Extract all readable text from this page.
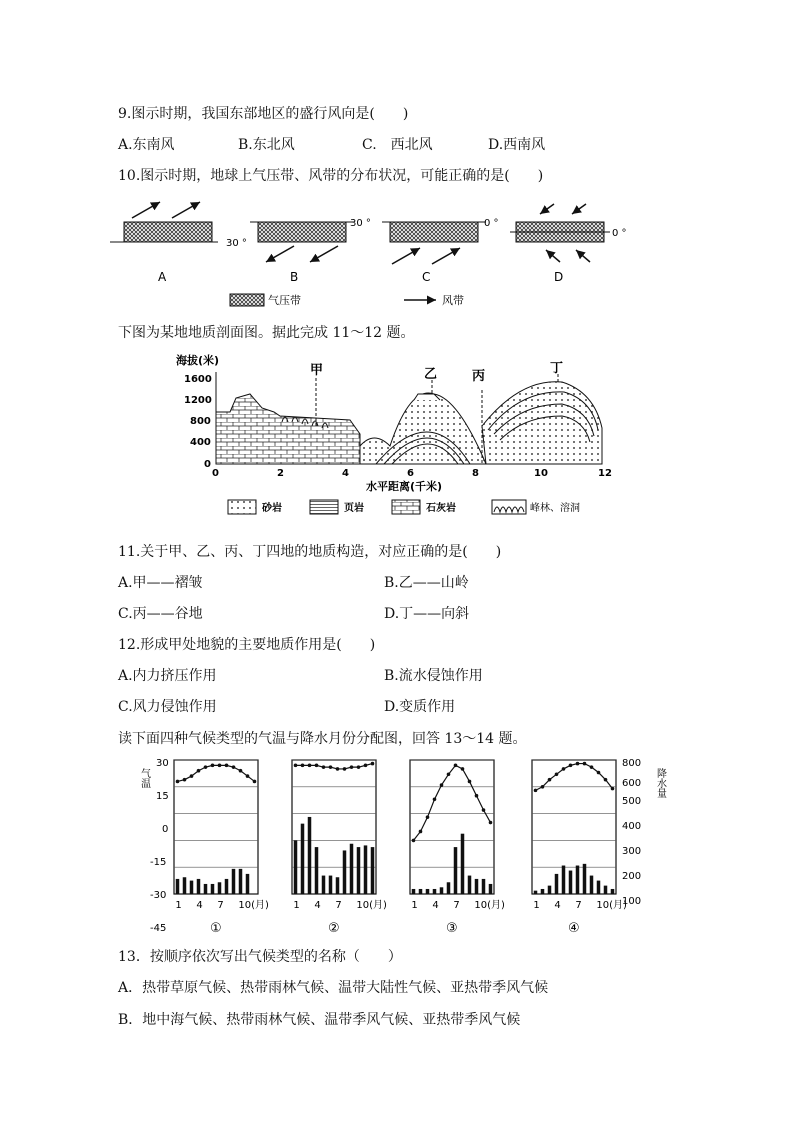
9.图示时期，我国东部地区的盛行风向是(　　)
A.东南风	B.东北风	C.　西北风	D.西南风
10.图示时期，地球上气压带、风带的分布状况，可能正确的是(　　)
30 °
A
30 °
B
0 °
C
0 °
D
气压带	风带
下图为某地地质剖面图。据此完成 11～12 题。
海拔(米)
1600
1200
800
400
0
0	2	4	6	8	10	12
水平距离(千米)
甲	乙	丙
丁
砂岩	页岩	石灰岩	峰林、溶洞
11.关于甲、乙、丙、丁四地的地质构造，对应正确的是(　　)
A.甲——褶皱	B.乙——山岭
C.丙——谷地	D.丁——向斜
12.形成甲处地貌的主要地质作用是(　　)
A.内力挤压作用	B.流水侵蚀作用
C.风力侵蚀作用	D.变质作用
读下面四种气候类型的气温与降水月份分配图，回答 13～14 题。
气温	降水量
30
15
0
-15
-30
-45
800
600
500
400
300
200
100
1 4 7 10(月)
①
1 4 7 10(月)
②
1 4 7 10(月)
③
1 4 7 10(月)
④
13．按顺序依次写出气候类型的名称（　　）
A．热带草原气候、热带雨林气候、温带大陆性气候、亚热带季风气候
B．地中海气候、热带雨林气候、温带季风气候、亚热带季风气候
